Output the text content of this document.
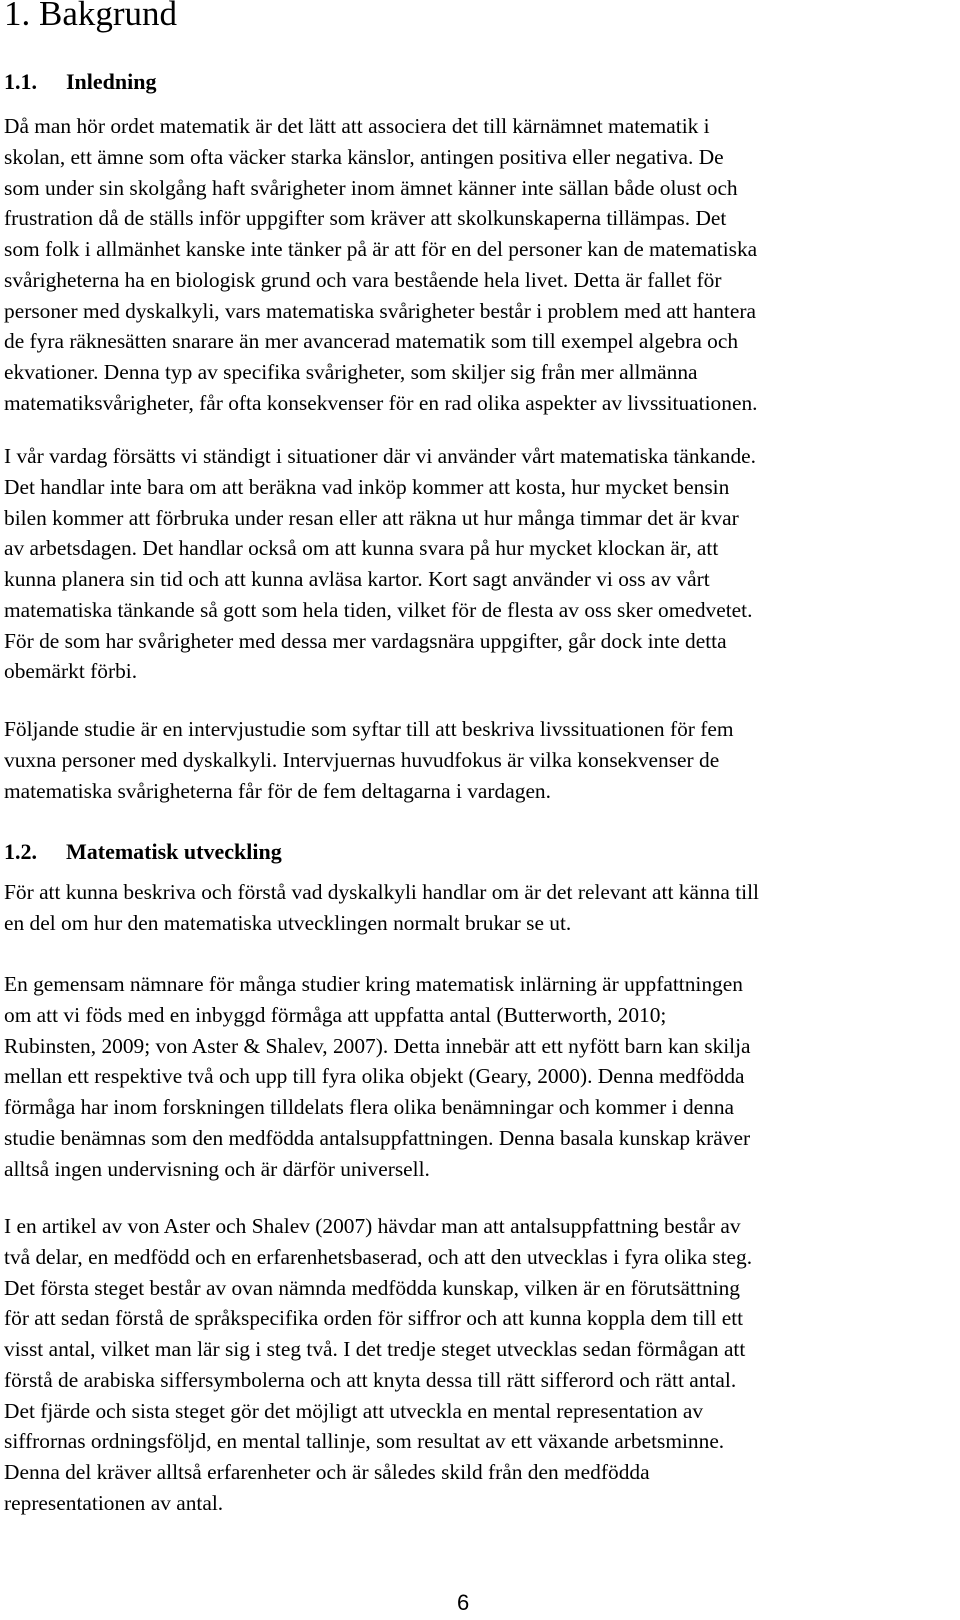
1. Bakgrund
1.1. Inledning
Då man hör ordet matematik är det lätt att associera det till kärnämnet matematik i
skolan, ett ämne som ofta väcker starka känslor, antingen positiva eller negativa. De
som under sin skolgång haft svårigheter inom ämnet känner inte sällan både olust och
frustration då de ställs inför uppgifter som kräver att skolkunskaperna tillämpas. Det
som folk i allmänhet kanske inte tänker på är att för en del personer kan de matematiska
svårigheterna ha en biologisk grund och vara bestående hela livet. Detta är fallet för
personer med dyskalkyli, vars matematiska svårigheter består i problem med att hantera
de fyra räknesätten snarare än mer avancerad matematik som till exempel algebra och
ekvationer. Denna typ av specifika svårigheter, som skiljer sig från mer allmänna
matematiksvårigheter, får ofta konsekvenser för en rad olika aspekter av livssituationen.
I vår vardag försätts vi ständigt i situationer där vi använder vårt matematiska tänkande.
Det handlar inte bara om att beräkna vad inköp kommer att kosta, hur mycket bensin
bilen kommer att förbruka under resan eller att räkna ut hur många timmar det är kvar
av arbetsdagen. Det handlar också om att kunna svara på hur mycket klockan är, att
kunna planera sin tid och att kunna avläsa kartor. Kort sagt använder vi oss av vårt
matematiska tänkande så gott som hela tiden, vilket för de flesta av oss sker omedvetet.
För de som har svårigheter med dessa mer vardagsnära uppgifter, går dock inte detta
obemärkt förbi.
Följande studie är en intervjustudie som syftar till att beskriva livssituationen för fem
vuxna personer med dyskalkyli. Intervjuernas huvudfokus är vilka konsekvenser de
matematiska svårigheterna får för de fem deltagarna i vardagen.
1.2. Matematisk utveckling
För att kunna beskriva och förstå vad dyskalkyli handlar om är det relevant att känna till
en del om hur den matematiska utvecklingen normalt brukar se ut.
En gemensam nämnare för många studier kring matematisk inlärning är uppfattningen
om att vi föds med en inbyggd förmåga att uppfatta antal (Butterworth, 2010;
Rubinsten, 2009; von Aster & Shalev, 2007). Detta innebär att ett nyfött barn kan skilja
mellan ett respektive två och upp till fyra olika objekt (Geary, 2000). Denna medfödda
förmåga har inom forskningen tilldelats flera olika benämningar och kommer i denna
studie benämnas som den medfödda antalsuppfattningen. Denna basala kunskap kräver
alltså ingen undervisning och är därför universell.
I en artikel av von Aster och Shalev (2007) hävdar man att antalsuppfattning består av
två delar, en medfödd och en erfarenhetsbaserad, och att den utvecklas i fyra olika steg.
Det första steget består av ovan nämnda medfödda kunskap, vilken är en förutsättning
för att sedan förstå de språkspecifika orden för siffror och att kunna koppla dem till ett
visst antal, vilket man lär sig i steg två. I det tredje steget utvecklas sedan förmågan att
förstå de arabiska siffersymbolerna och att knyta dessa till rätt sifferord och rätt antal.
Det fjärde och sista steget gör det möjligt att utveckla en mental representation av
siffrornas ordningsföljd, en mental tallinje, som resultat av ett växande arbetsminne.
Denna del kräver alltså erfarenheter och är således skild från den medfödda
representationen av antal.

6
